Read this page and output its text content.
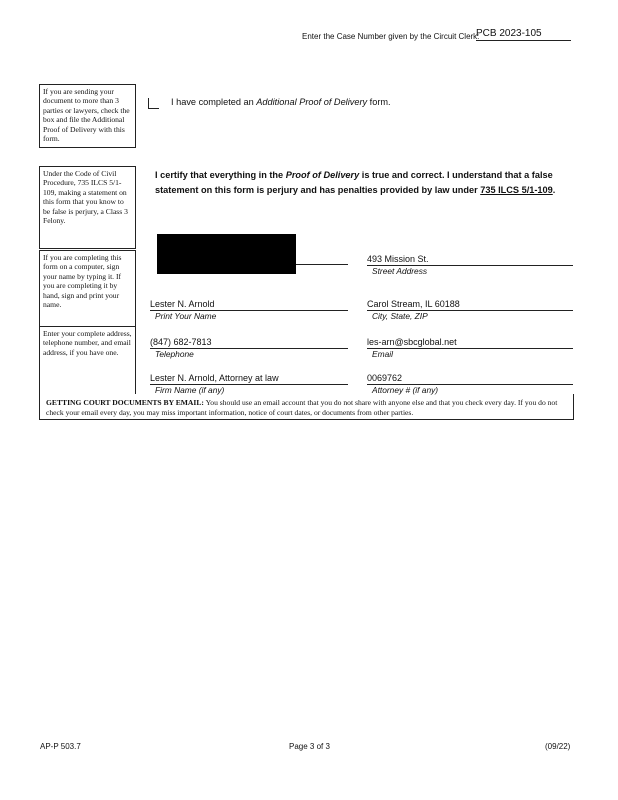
Enter the Case Number given by the Circuit Clerk:
PCB 2023-105
If you are sending your document to more than 3 parties or lawyers, check the box and file the Additional Proof of Delivery with this form.
Under the Code of Civil Procedure, 735 ILCS 5/1-109, making a statement on this form that you know to be false is perjury, a Class 3 Felony.
If you are completing this form on a computer, sign your name by typing it. If you are completing it by hand, sign and print your name.
Enter your complete address, telephone number, and email address, if you have one.
I have completed an Additional Proof of Delivery form.
I certify that everything in the Proof of Delivery is true and correct. I understand that a false statement on this form is perjury and has penalties provided by law under 735 ILCS 5/1-109.
493 Mission St.
Street Address
Lester N. Arnold
Print Your Name
Carol Stream, IL 60188
City, State, ZIP
(847) 682-7813
Telephone
les-arn@sbcglobal.net
Email
Lester N. Arnold, Attorney at law
Firm Name (if any)
0069762
Attorney # (if any)
GETTING COURT DOCUMENTS BY EMAIL: You should use an email account that you do not share with anyone else and that you check every day. If you do not check your email every day, you may miss important information, notice of court dates, or documents from other parties.
AP-P 503.7	Page 3 of 3	(09/22)
